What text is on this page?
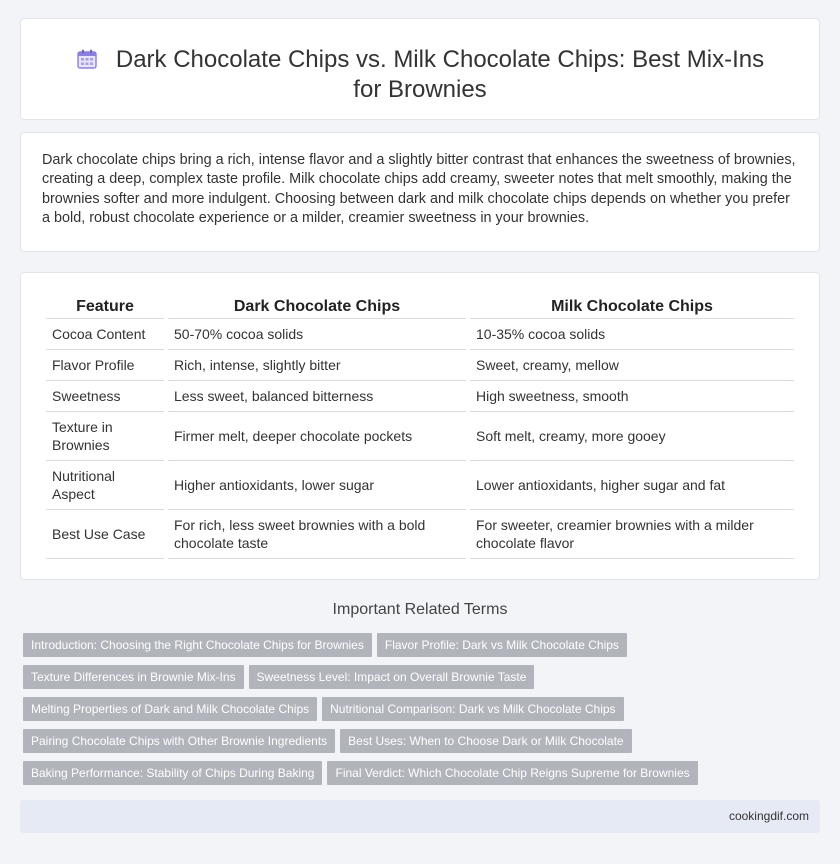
Dark Chocolate Chips vs. Milk Chocolate Chips: Best Mix-Ins for Brownies

Dark chocolate chips bring a rich, intense flavor and a slightly bitter contrast that enhances the sweetness of brownies, creating a deep, complex taste profile. Milk chocolate chips add creamy, sweeter notes that melt smoothly, making the brownies softer and more indulgent. Choosing between dark and milk chocolate chips depends on whether you prefer a bold, robust chocolate experience or a milder, creamier sweetness in your brownies.

Feature	Dark Chocolate Chips	Milk Chocolate Chips
Cocoa Content	50-70% cocoa solids	10-35% cocoa solids
Flavor Profile	Rich, intense, slightly bitter	Sweet, creamy, mellow
Sweetness	Less sweet, balanced bitterness	High sweetness, smooth
Texture in Brownies	Firmer melt, deeper chocolate pockets	Soft melt, creamy, more gooey
Nutritional Aspect	Higher antioxidants, lower sugar	Lower antioxidants, higher sugar and fat
Best Use Case	For rich, less sweet brownies with a bold chocolate taste	For sweeter, creamier brownies with a milder chocolate flavor
Important Related Terms
Introduction: Choosing the Right Chocolate Chips for Brownies Flavor Profile: Dark vs Milk Chocolate Chips
Texture Differences in Brownie Mix-Ins Sweetness Level: Impact on Overall Brownie Taste
Melting Properties of Dark and Milk Chocolate Chips Nutritional Comparison: Dark vs Milk Chocolate Chips
Pairing Chocolate Chips with Other Brownie Ingredients Best Uses: When to Choose Dark or Milk Chocolate
Baking Performance: Stability of Chips During Baking Final Verdict: Which Chocolate Chip Reigns Supreme for Brownies
cookingdif.com
